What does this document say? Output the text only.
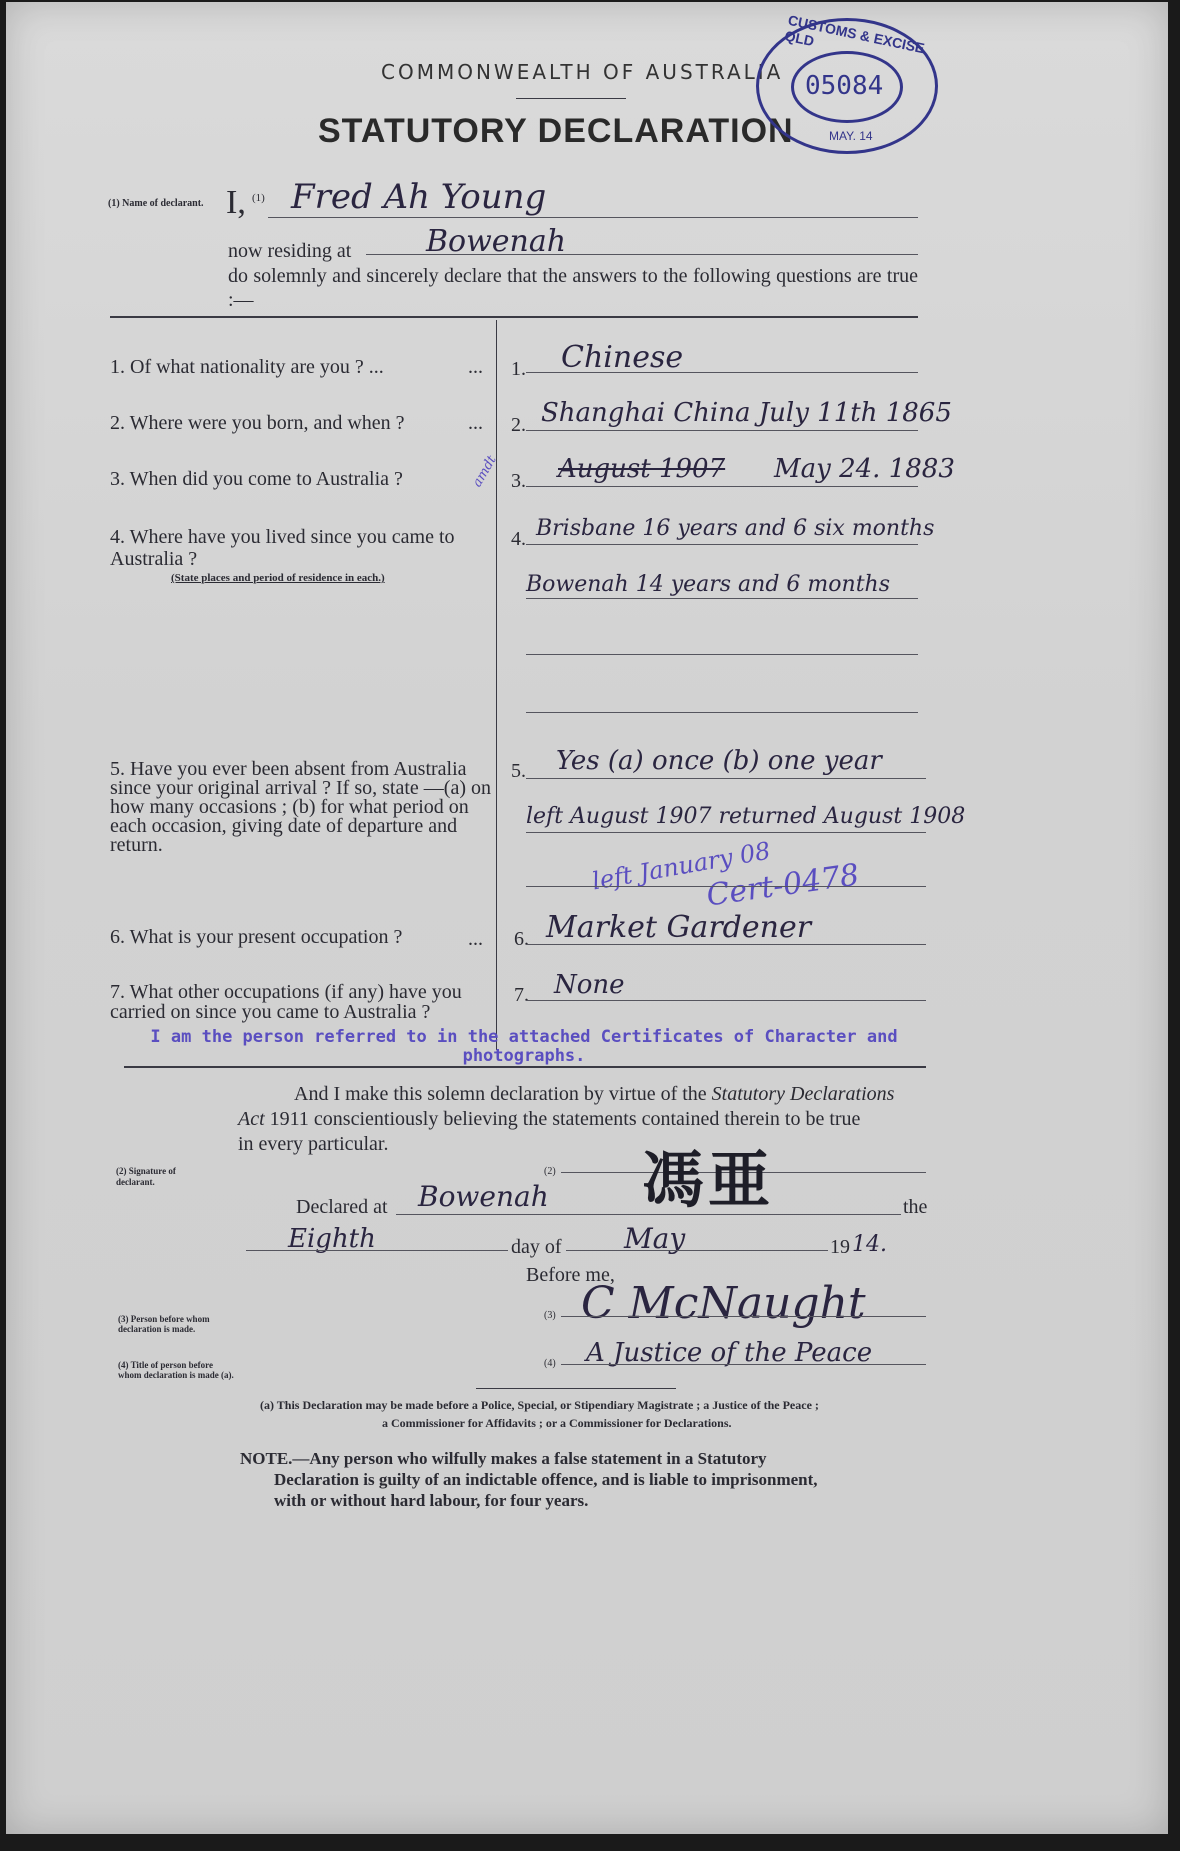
COMMONWEALTH OF AUSTRALIA
STATUTORY DECLARATION
CUSTOMS & EXCISE QLD
05084
MAY. 14
(1) Name of declarant. I, (1) Fred Ah Young
now residing at Bowenah
do solemnly and sincerely declare that the answers to the following questions are true :—
1. Of what nationality are you ? ...	... 1. Chinese
2. Where were you born, and when ?	... 2. Shanghai China July 11th 1865
3. When did you come to Australia ?	amdt 3. August 1907 May 24. 1883
4. Where have you lived since you came to Australia ?
(State places and period of residence in each.)
4. Brisbane 16 years and 6 six months
Bowenah 14 years and 6 months
5. Have you ever been absent from Australia since your original arrival ? If so, state —(a) on how many occasions ; (b) for what period on each occasion, giving date of departure and return.
5. Yes (a) once (b) one year
left August 1907 returned August 1908
left January 08
Cert-0478
6. What is your present occupation ?	... 6. Market Gardener
7. What other occupations (if any) have you carried on since you came to Australia ?
7. None
I am the person referred to in the attached Certificates of Character and photographs.
And I make this solemn declaration by virtue of the Statutory Declarations
Act 1911 conscientiously believing the statements contained therein to be true
in every particular.
(2) Signature of declarant.
(2) 馮亜
Declared at Bowenah	the
Eighth	day of May	19 14.
Before me,
(3) Person before whom declaration is made.
(3) C McNaught
(4) Title of person before whom declaration is made (a).
(4) A Justice of the Peace
(a) This Declaration may be made before a Police, Special, or Stipendiary Magistrate ; a Justice of the Peace ;
a Commissioner for Affidavits ; or a Commissioner for Declarations.
NOTE.—Any person who wilfully makes a false statement in a Statutory
Declaration is guilty of an indictable offence, and is liable to imprisonment,
with or without hard labour, for four years.
